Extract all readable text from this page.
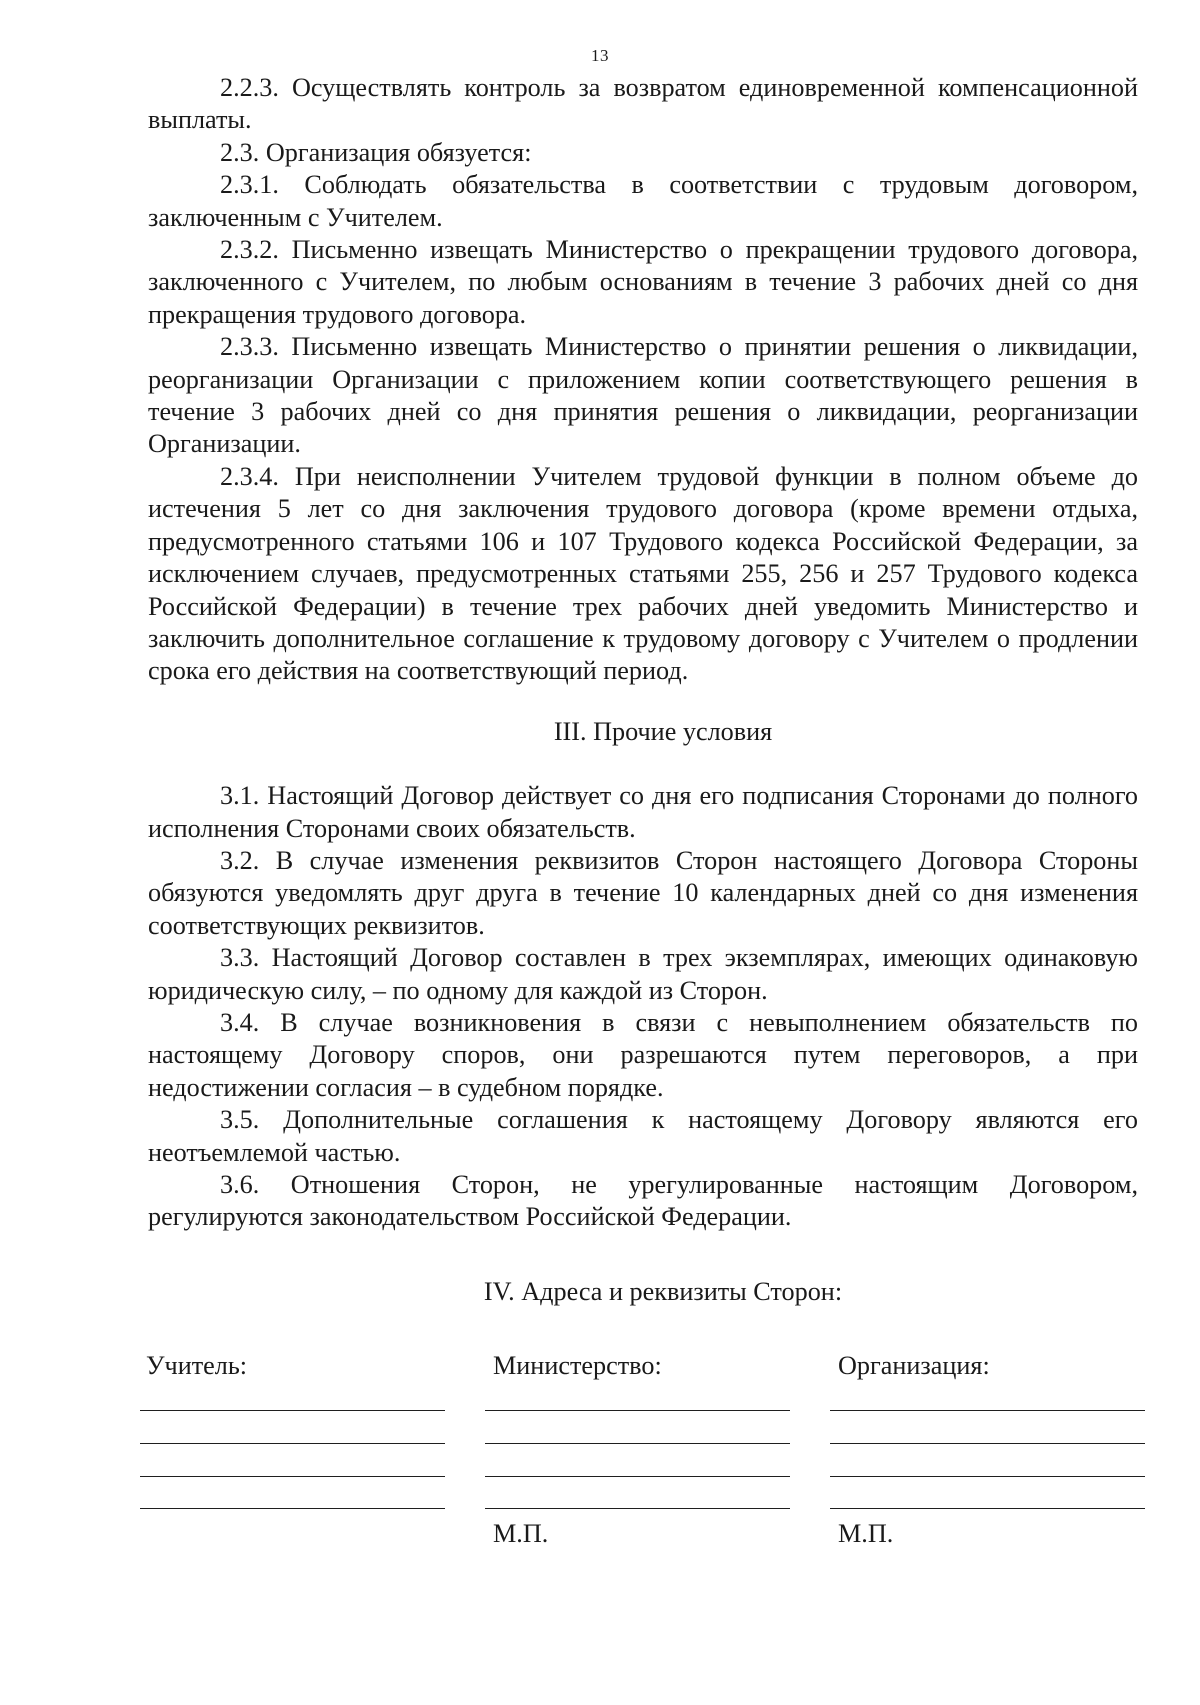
13

2.2.3. Осуществлять контроль за возвратом единовременной компенсационной выплаты.

2.3. Организация обязуется:

2.3.1. Соблюдать обязательства в соответствии с трудовым договором, заключенным с Учителем.

2.3.2. Письменно извещать Министерство о прекращении трудового договора, заключенного с Учителем, по любым основаниям в течение 3 рабочих дней со дня прекращения трудового договора.

2.3.3. Письменно извещать Министерство о принятии решения о ликвидации, реорганизации Организации с приложением копии соответствующего решения в течение 3 рабочих дней со дня принятия решения о ликвидации, реорганизации Организации.

2.3.4. При неисполнении Учителем трудовой функции в полном объеме до истечения 5 лет со дня заключения трудового договора (кроме времени отдыха, предусмотренного статьями 106 и 107 Трудового кодекса Российской Федерации, за исключением случаев, предусмотренных статьями 255, 256 и 257 Трудового кодекса Российской Федерации) в течение трех рабочих дней уведомить Министерство и заключить дополнительное соглашение к трудовому договору с Учителем о продлении срока его действия на соответствующий период.

III. Прочие условия

3.1. Настоящий Договор действует со дня его подписания Сторонами до полного исполнения Сторонами своих обязательств.

3.2. В случае изменения реквизитов Сторон настоящего Договора Стороны обязуются уведомлять друг друга в течение 10 календарных дней со дня изменения соответствующих реквизитов.

3.3. Настоящий Договор составлен в трех экземплярах, имеющих одинаковую юридическую силу, – по одному для каждой из Сторон.

3.4. В случае возникновения в связи с невыполнением обязательств по настоящему Договору споров, они разрешаются путем переговоров, а при недостижении согласия – в судебном порядке.

3.5. Дополнительные соглашения к настоящему Договору являются его неотъемлемой частью.

3.6. Отношения Сторон, не урегулированные настоящим Договором, регулируются законодательством Российской Федерации.

IV. Адреса и реквизиты Сторон:

Учитель:	Министерство:
М.П.
Организация:
М.П.
